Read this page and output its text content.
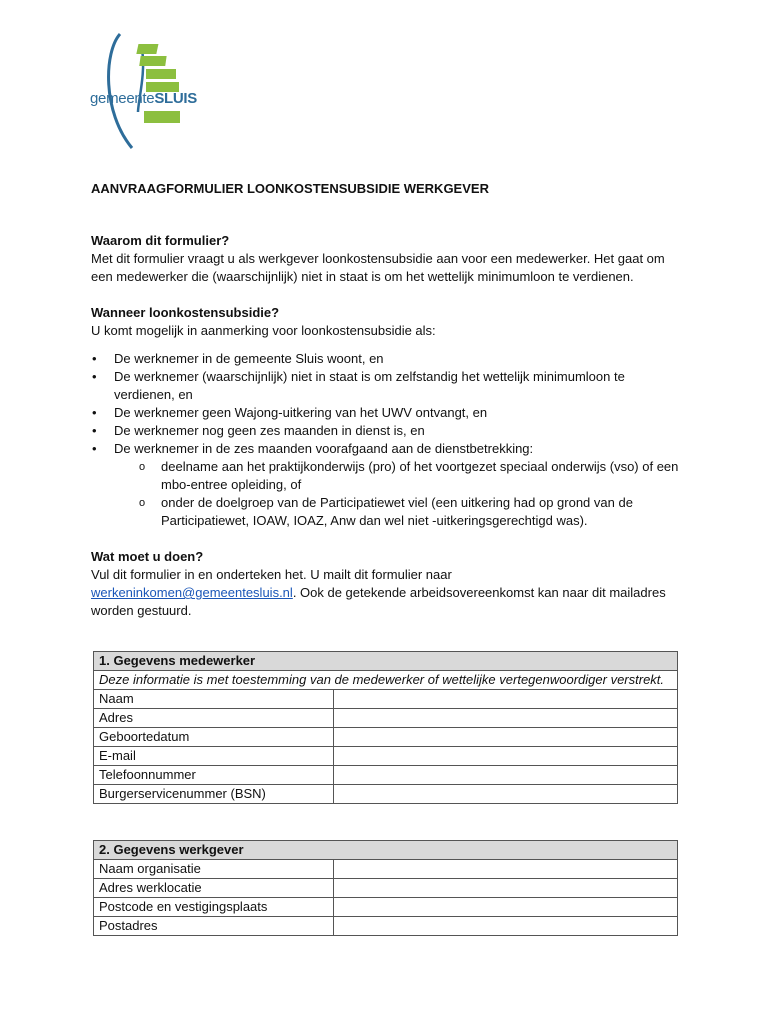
gemeenteSLUIS
AANVRAAGFORMULIER LOONKOSTENSUBSIDIE WERKGEVER

Waarom dit formulier?

Met dit formulier vraagt u als werkgever loonkostensubsidie aan voor een medewerker. Het gaat om een medewerker die (waarschijnlijk) niet in staat is om het wettelijk minimumloon te verdienen.

Wanneer loonkostensubsidie?

U komt mogelijk in aanmerking voor loonkostensubsidie als:

• De werknemer in de gemeente Sluis woont, en
• De werknemer (waarschijnlijk) niet in staat is om zelfstandig het wettelijk minimumloon te verdienen, en
• De werknemer geen Wajong-uitkering van het UWV ontvangt, en
• De werknemer nog geen zes maanden in dienst is, en
• De werknemer in de zes maanden voorafgaand aan de dienstbetrekking:
o deelname aan het praktijkonderwijs (pro) of het voortgezet speciaal onderwijs (vso) of een mbo-entree opleiding, of
o onder de doelgroep van de Participatiewet viel (een uitkering had op grond van de Participatiewet, IOAW, IOAZ, Anw dan wel niet -uitkeringsgerechtigd was).

Wat moet u doen?

Vul dit formulier in en onderteken het. U mailt dit formulier naar
werkeninkomen@gemeentesluis.nl. Ook de getekende arbeidsovereenkomst kan naar dit mailadres worden gestuurd.

1. Gegevens medewerker	
Deze informatie is met toestemming van de medewerker of wettelijke vertegenwoordiger verstrekt.	
Naam	
Adres	
Geboortedatum	
E-mail	
Telefoonnummer	
Burgerservicenummer (BSN)	
2. Gegevens werkgever	
Naam organisatie	
Adres werklocatie	
Postcode en vestigingsplaats	
Postadres	
